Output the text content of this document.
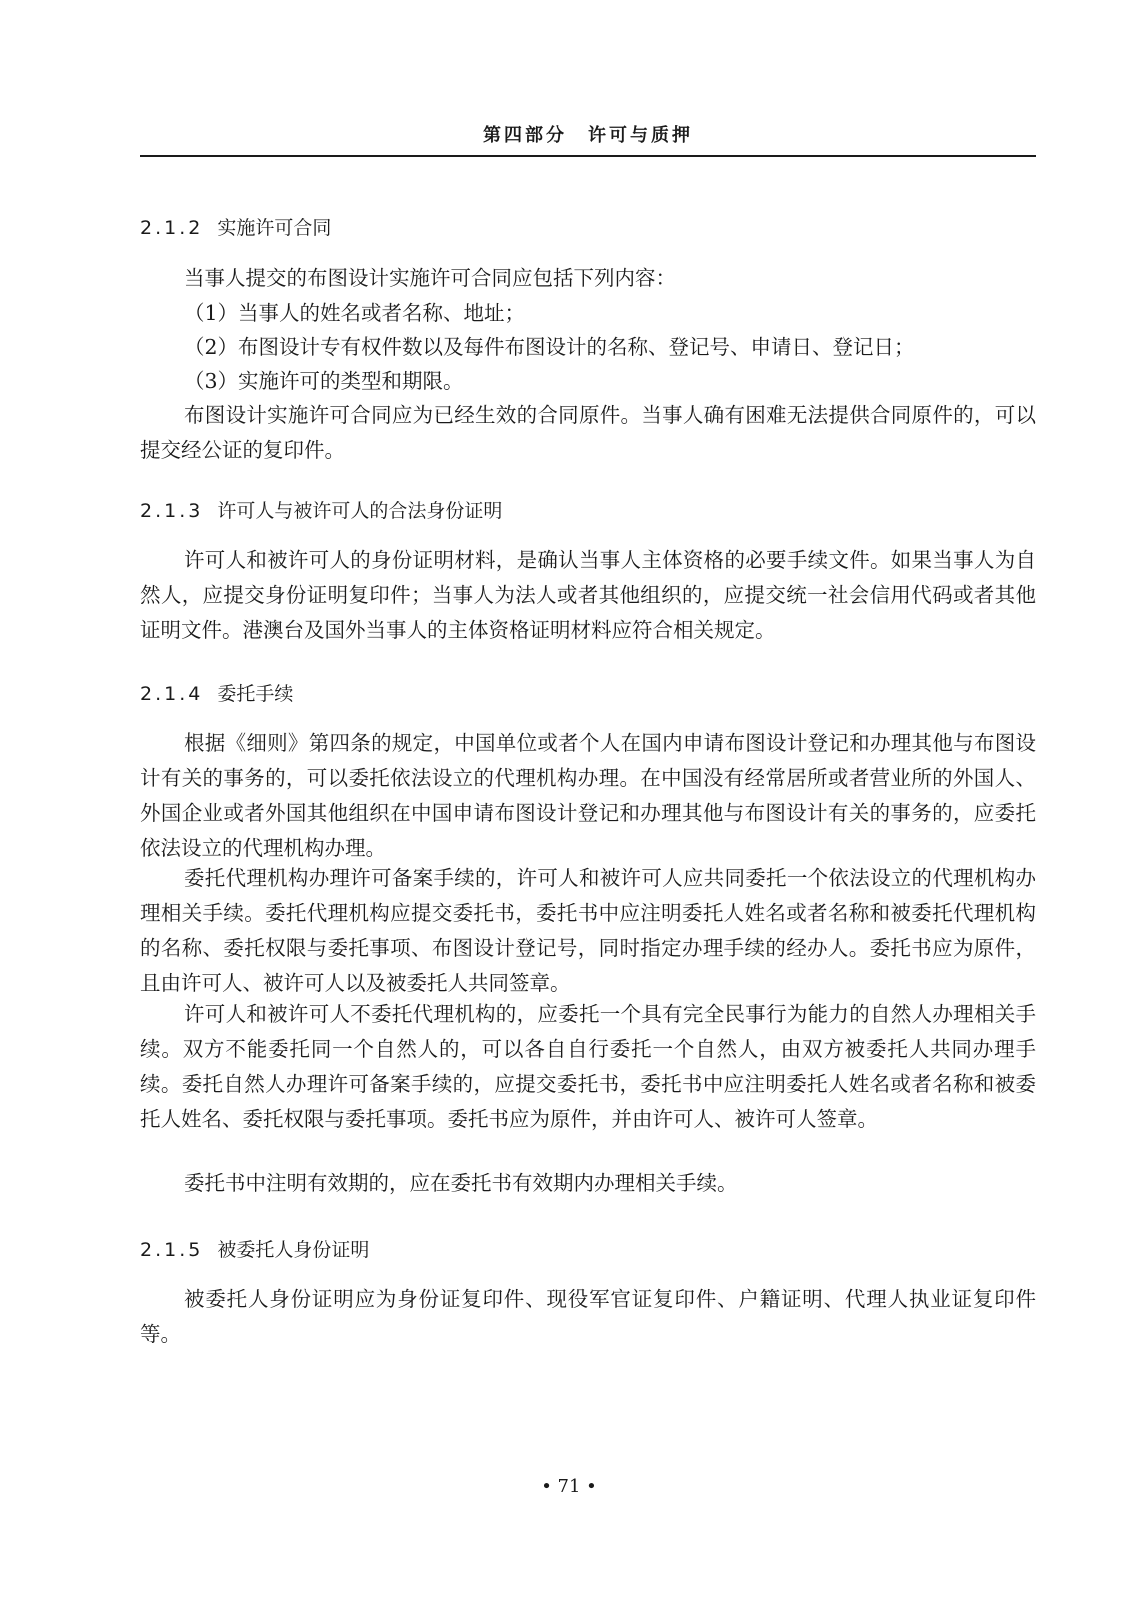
第四部分　许可与质押
2.1.2 实施许可合同

当事人提交的布图设计实施许可合同应包括下列内容：

（1）当事人的姓名或者名称、地址；

（2）布图设计专有权件数以及每件布图设计的名称、登记号、申请日、登记日；

（3）实施许可的类型和期限。

布图设计实施许可合同应为已经生效的合同原件。当事人确有困难无法提供合同原件的，可以提交经公证的复印件。

2.1.3 许可人与被许可人的合法身份证明

许可人和被许可人的身份证明材料，是确认当事人主体资格的必要手续文件。如果当事人为自然人，应提交身份证明复印件；当事人为法人或者其他组织的，应提交统一社会信用代码或者其他证明文件。港澳台及国外当事人的主体资格证明材料应符合相关规定。

2.1.4 委托手续

根据《细则》第四条的规定，中国单位或者个人在国内申请布图设计登记和办理其他与布图设计有关的事务的，可以委托依法设立的代理机构办理。在中国没有经常居所或者营业所的外国人、外国企业或者外国其他组织在中国申请布图设计登记和办理其他与布图设计有关的事务的，应委托依法设立的代理机构办理。

委托代理机构办理许可备案手续的，许可人和被许可人应共同委托一个依法设立的代理机构办理相关手续。委托代理机构应提交委托书，委托书中应注明委托人姓名或者名称和被委托代理机构的名称、委托权限与委托事项、布图设计登记号，同时指定办理手续的经办人。委托书应为原件，且由许可人、被许可人以及被委托人共同签章。

许可人和被许可人不委托代理机构的，应委托一个具有完全民事行为能力的自然人办理相关手续。双方不能委托同一个自然人的，可以各自自行委托一个自然人，由双方被委托人共同办理手续。委托自然人办理许可备案手续的，应提交委托书，委托书中应注明委托人姓名或者名称和被委托人姓名、委托权限与委托事项。委托书应为原件，并由许可人、被许可人签章。

委托书中注明有效期的，应在委托书有效期内办理相关手续。

2.1.5 被委托人身份证明

被委托人身份证明应为身份证复印件、现役军官证复印件、户籍证明、代理人执业证复印件等。

• 71 •
